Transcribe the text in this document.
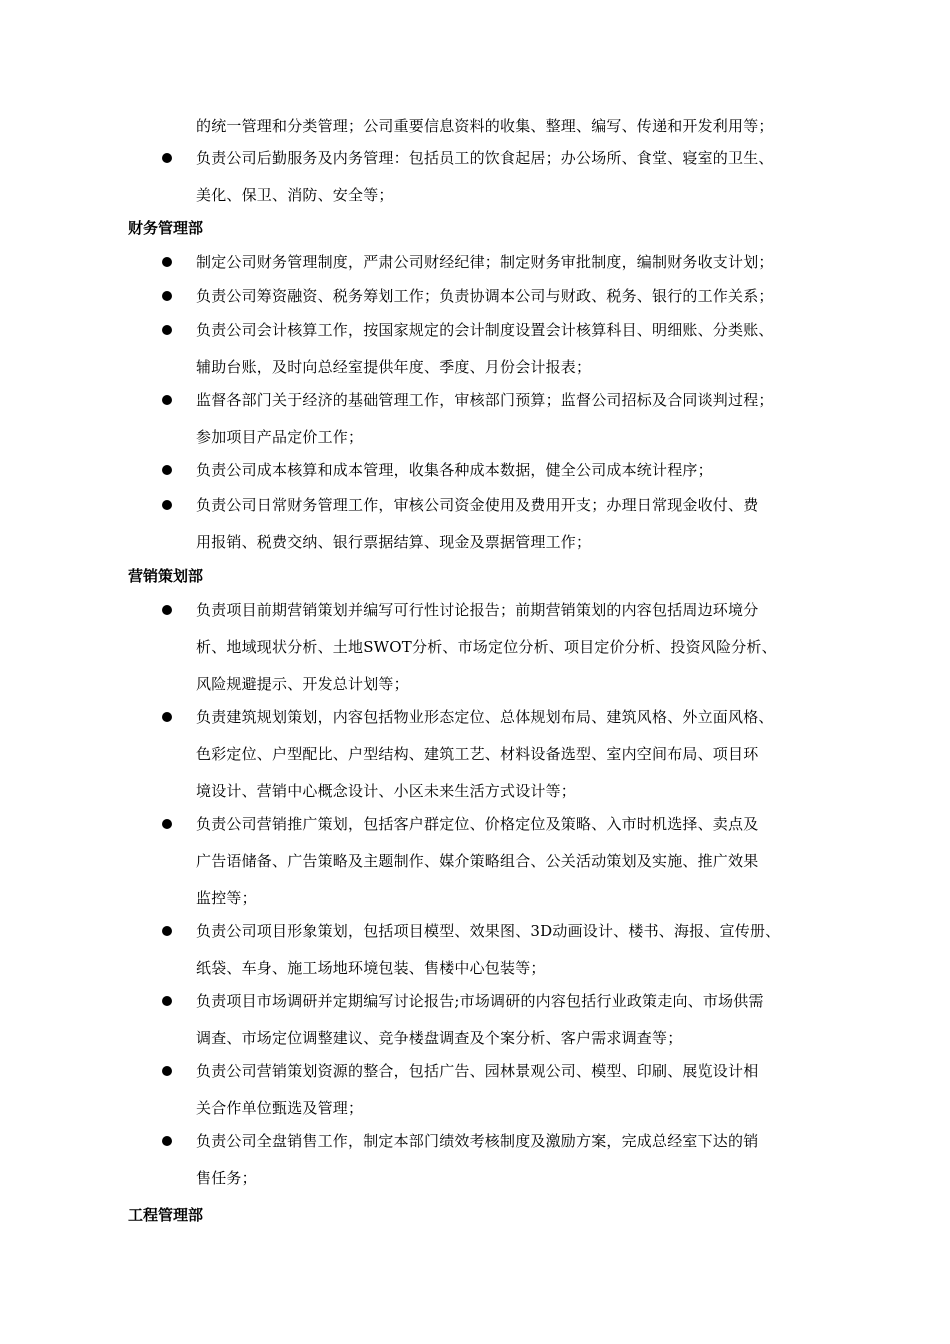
的统一管理和分类管理；公司重要信息资料的收集、整理、编写、传递和开发利用等；
负责公司后勤服务及内务管理：包括员工的饮食起居；办公场所、食堂、寝室的卫生、
美化、保卫、消防、安全等；
财务管理部
制定公司财务管理制度，严肃公司财经纪律；制定财务审批制度，编制财务收支计划；
负责公司筹资融资、税务筹划工作；负责协调本公司与财政、税务、银行的工作关系；
负责公司会计核算工作，按国家规定的会计制度设置会计核算科目、明细账、分类账、
辅助台账，及时向总经室提供年度、季度、月份会计报表；
监督各部门关于经济的基础管理工作，审核部门预算；监督公司招标及合同谈判过程；
参加项目产品定价工作；
负责公司成本核算和成本管理，收集各种成本数据，健全公司成本统计程序；
负责公司日常财务管理工作，审核公司资金使用及费用开支；办理日常现金收付、费
用报销、税费交纳、银行票据结算、现金及票据管理工作；
营销策划部
负责项目前期营销策划并编写可行性讨论报告；前期营销策划的内容包括周边环境分
析、地域现状分析、土地SWOT分析、市场定位分析、项目定价分析、投资风险分析、
风险规避提示、开发总计划等；
负责建筑规划策划，内容包括物业形态定位、总体规划布局、建筑风格、外立面风格、
色彩定位、户型配比、户型结构、建筑工艺、材料设备选型、室内空间布局、项目环
境设计、营销中心概念设计、小区未来生活方式设计等；
负责公司营销推广策划，包括客户群定位、价格定位及策略、入市时机选择、卖点及
广告语储备、广告策略及主题制作、媒介策略组合、公关活动策划及实施、推广效果
监控等；
负责公司项目形象策划，包括项目模型、效果图、3D动画设计、楼书、海报、宣传册、
纸袋、车身、施工场地环境包装、售楼中心包装等；
负责项目市场调研并定期编写讨论报告;市场调研的内容包括行业政策走向、市场供需
调查、市场定位调整建议、竞争楼盘调查及个案分析、客户需求调查等；
负责公司营销策划资源的整合，包括广告、园林景观公司、模型、印刷、展览设计相
关合作单位甄选及管理；
负责公司全盘销售工作，制定本部门绩效考核制度及激励方案，完成总经室下达的销
售任务；
工程管理部
